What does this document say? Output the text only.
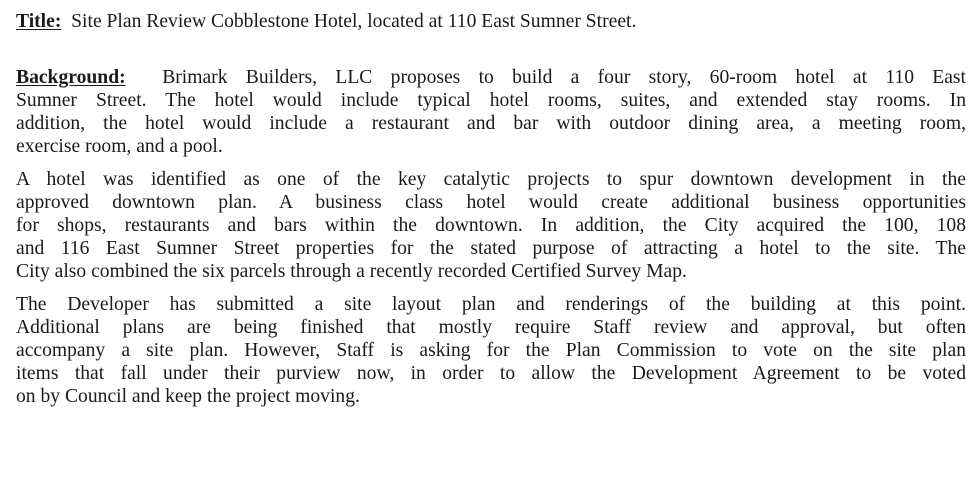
Title: Site Plan Review Cobblestone Hotel, located at 110 East Sumner Street.

Background: Brimark Builders, LLC proposes to build a four story, 60-room hotel at 110 East

Sumner Street. The hotel would include typical hotel rooms, suites, and extended stay rooms. In

addition, the hotel would include a restaurant and bar with outdoor dining area, a meeting room,

exercise room, and a pool.

A hotel was identified as one of the key catalytic projects to spur downtown development in the

approved downtown plan. A business class hotel would create additional business opportunities

for shops, restaurants and bars within the downtown. In addition, the City acquired the 100, 108

and 116 East Sumner Street properties for the stated purpose of attracting a hotel to the site. The

City also combined the six parcels through a recently recorded Certified Survey Map.

The Developer has submitted a site layout plan and renderings of the building at this point.

Additional plans are being finished that mostly require Staff review and approval, but often

accompany a site plan. However, Staff is asking for the Plan Commission to vote on the site plan

items that fall under their purview now, in order to allow the Development Agreement to be voted

on by Council and keep the project moving.
